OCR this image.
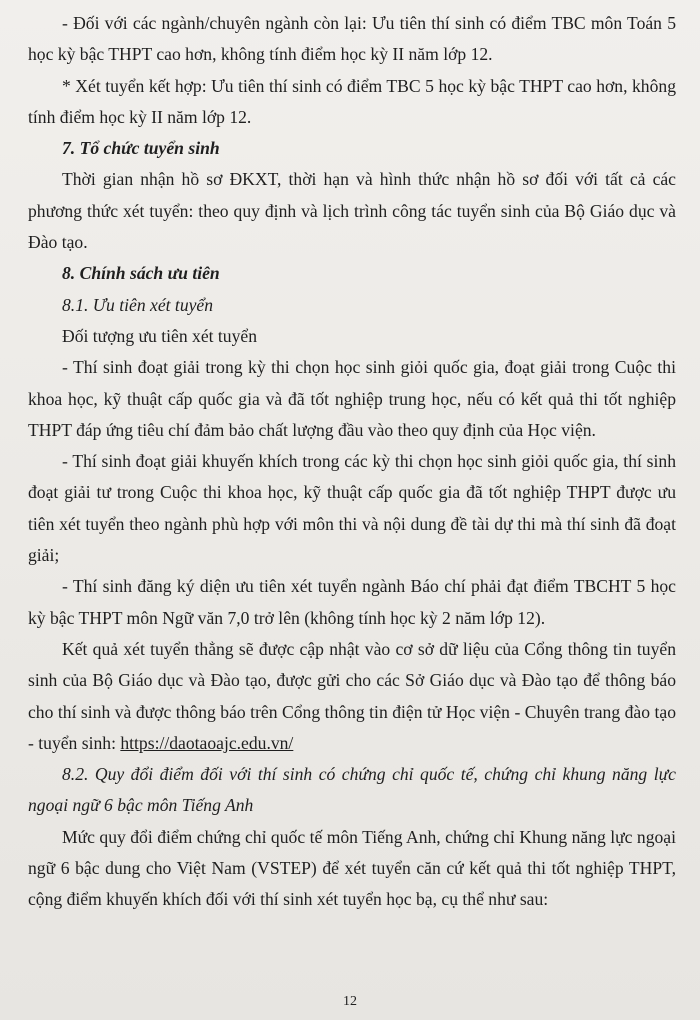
- Đối với các ngành/chuyên ngành còn lại: Ưu tiên thí sinh có điểm TBC môn Toán 5 học kỳ bậc THPT cao hơn, không tính điểm học kỳ II năm lớp 12.

* Xét tuyển kết hợp: Ưu tiên thí sinh có điểm TBC 5 học kỳ bậc THPT cao hơn, không tính điểm học kỳ II năm lớp 12.

7. Tổ chức tuyển sinh

Thời gian nhận hồ sơ ĐKXT, thời hạn và hình thức nhận hồ sơ đối với tất cả các phương thức xét tuyển: theo quy định và lịch trình công tác tuyển sinh của Bộ Giáo dục và Đào tạo.

8. Chính sách ưu tiên

8.1. Ưu tiên xét tuyển

Đối tượng ưu tiên xét tuyển

- Thí sinh đoạt giải trong kỳ thi chọn học sinh giỏi quốc gia, đoạt giải trong Cuộc thi khoa học, kỹ thuật cấp quốc gia và đã tốt nghiệp trung học, nếu có kết quả thi tốt nghiệp THPT đáp ứng tiêu chí đảm bảo chất lượng đầu vào theo quy định của Học viện.

- Thí sinh đoạt giải khuyến khích trong các kỳ thi chọn học sinh giỏi quốc gia, thí sinh đoạt giải tư trong Cuộc thi khoa học, kỹ thuật cấp quốc gia đã tốt nghiệp THPT được ưu tiên xét tuyển theo ngành phù hợp với môn thi và nội dung đề tài dự thi mà thí sinh đã đoạt giải;

- Thí sinh đăng ký diện ưu tiên xét tuyển ngành Báo chí phải đạt điểm TBCHT 5 học kỳ bậc THPT môn Ngữ văn 7,0 trở lên (không tính học kỳ 2 năm lớp 12).

Kết quả xét tuyển thẳng sẽ được cập nhật vào cơ sở dữ liệu của Cổng thông tin tuyển sinh của Bộ Giáo dục và Đào tạo, được gửi cho các Sở Giáo dục và Đào tạo để thông báo cho thí sinh và được thông báo trên Cổng thông tin điện tử Học viện - Chuyên trang đào tạo - tuyển sinh: https://daotaoajc.edu.vn/

8.2. Quy đổi điểm đối với thí sinh có chứng chỉ quốc tế, chứng chỉ khung năng lực ngoại ngữ 6 bậc môn Tiếng Anh

Mức quy đổi điểm chứng chỉ quốc tế môn Tiếng Anh, chứng chỉ Khung năng lực ngoại ngữ 6 bậc dung cho Việt Nam (VSTEP) để xét tuyển căn cứ kết quả thi tốt nghiệp THPT, cộng điểm khuyến khích đối với thí sinh xét tuyển học bạ, cụ thể như sau:

12
